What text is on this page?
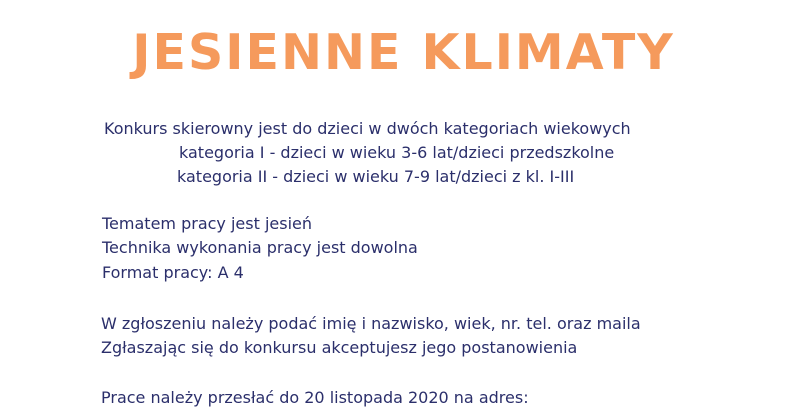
JESIENNE KLIMATY
Konkurs skierowny jest do dzieci w dwóch kategoriach wiekowych
kategoria I - dzieci w wieku 3-6 lat/dzieci przedszkolne
kategoria II - dzieci w wieku 7-9 lat/dzieci z kl. I-III
Tematem pracy jest jesień
Technika wykonania pracy jest dowolna
Format pracy: A 4
W zgłoszeniu należy podać imię i nazwisko, wiek, nr. tel. oraz maila
Zgłaszając się do konkursu akceptujesz jego postanowienia
Prace należy przesłać do 20 listopada 2020 na adres:
